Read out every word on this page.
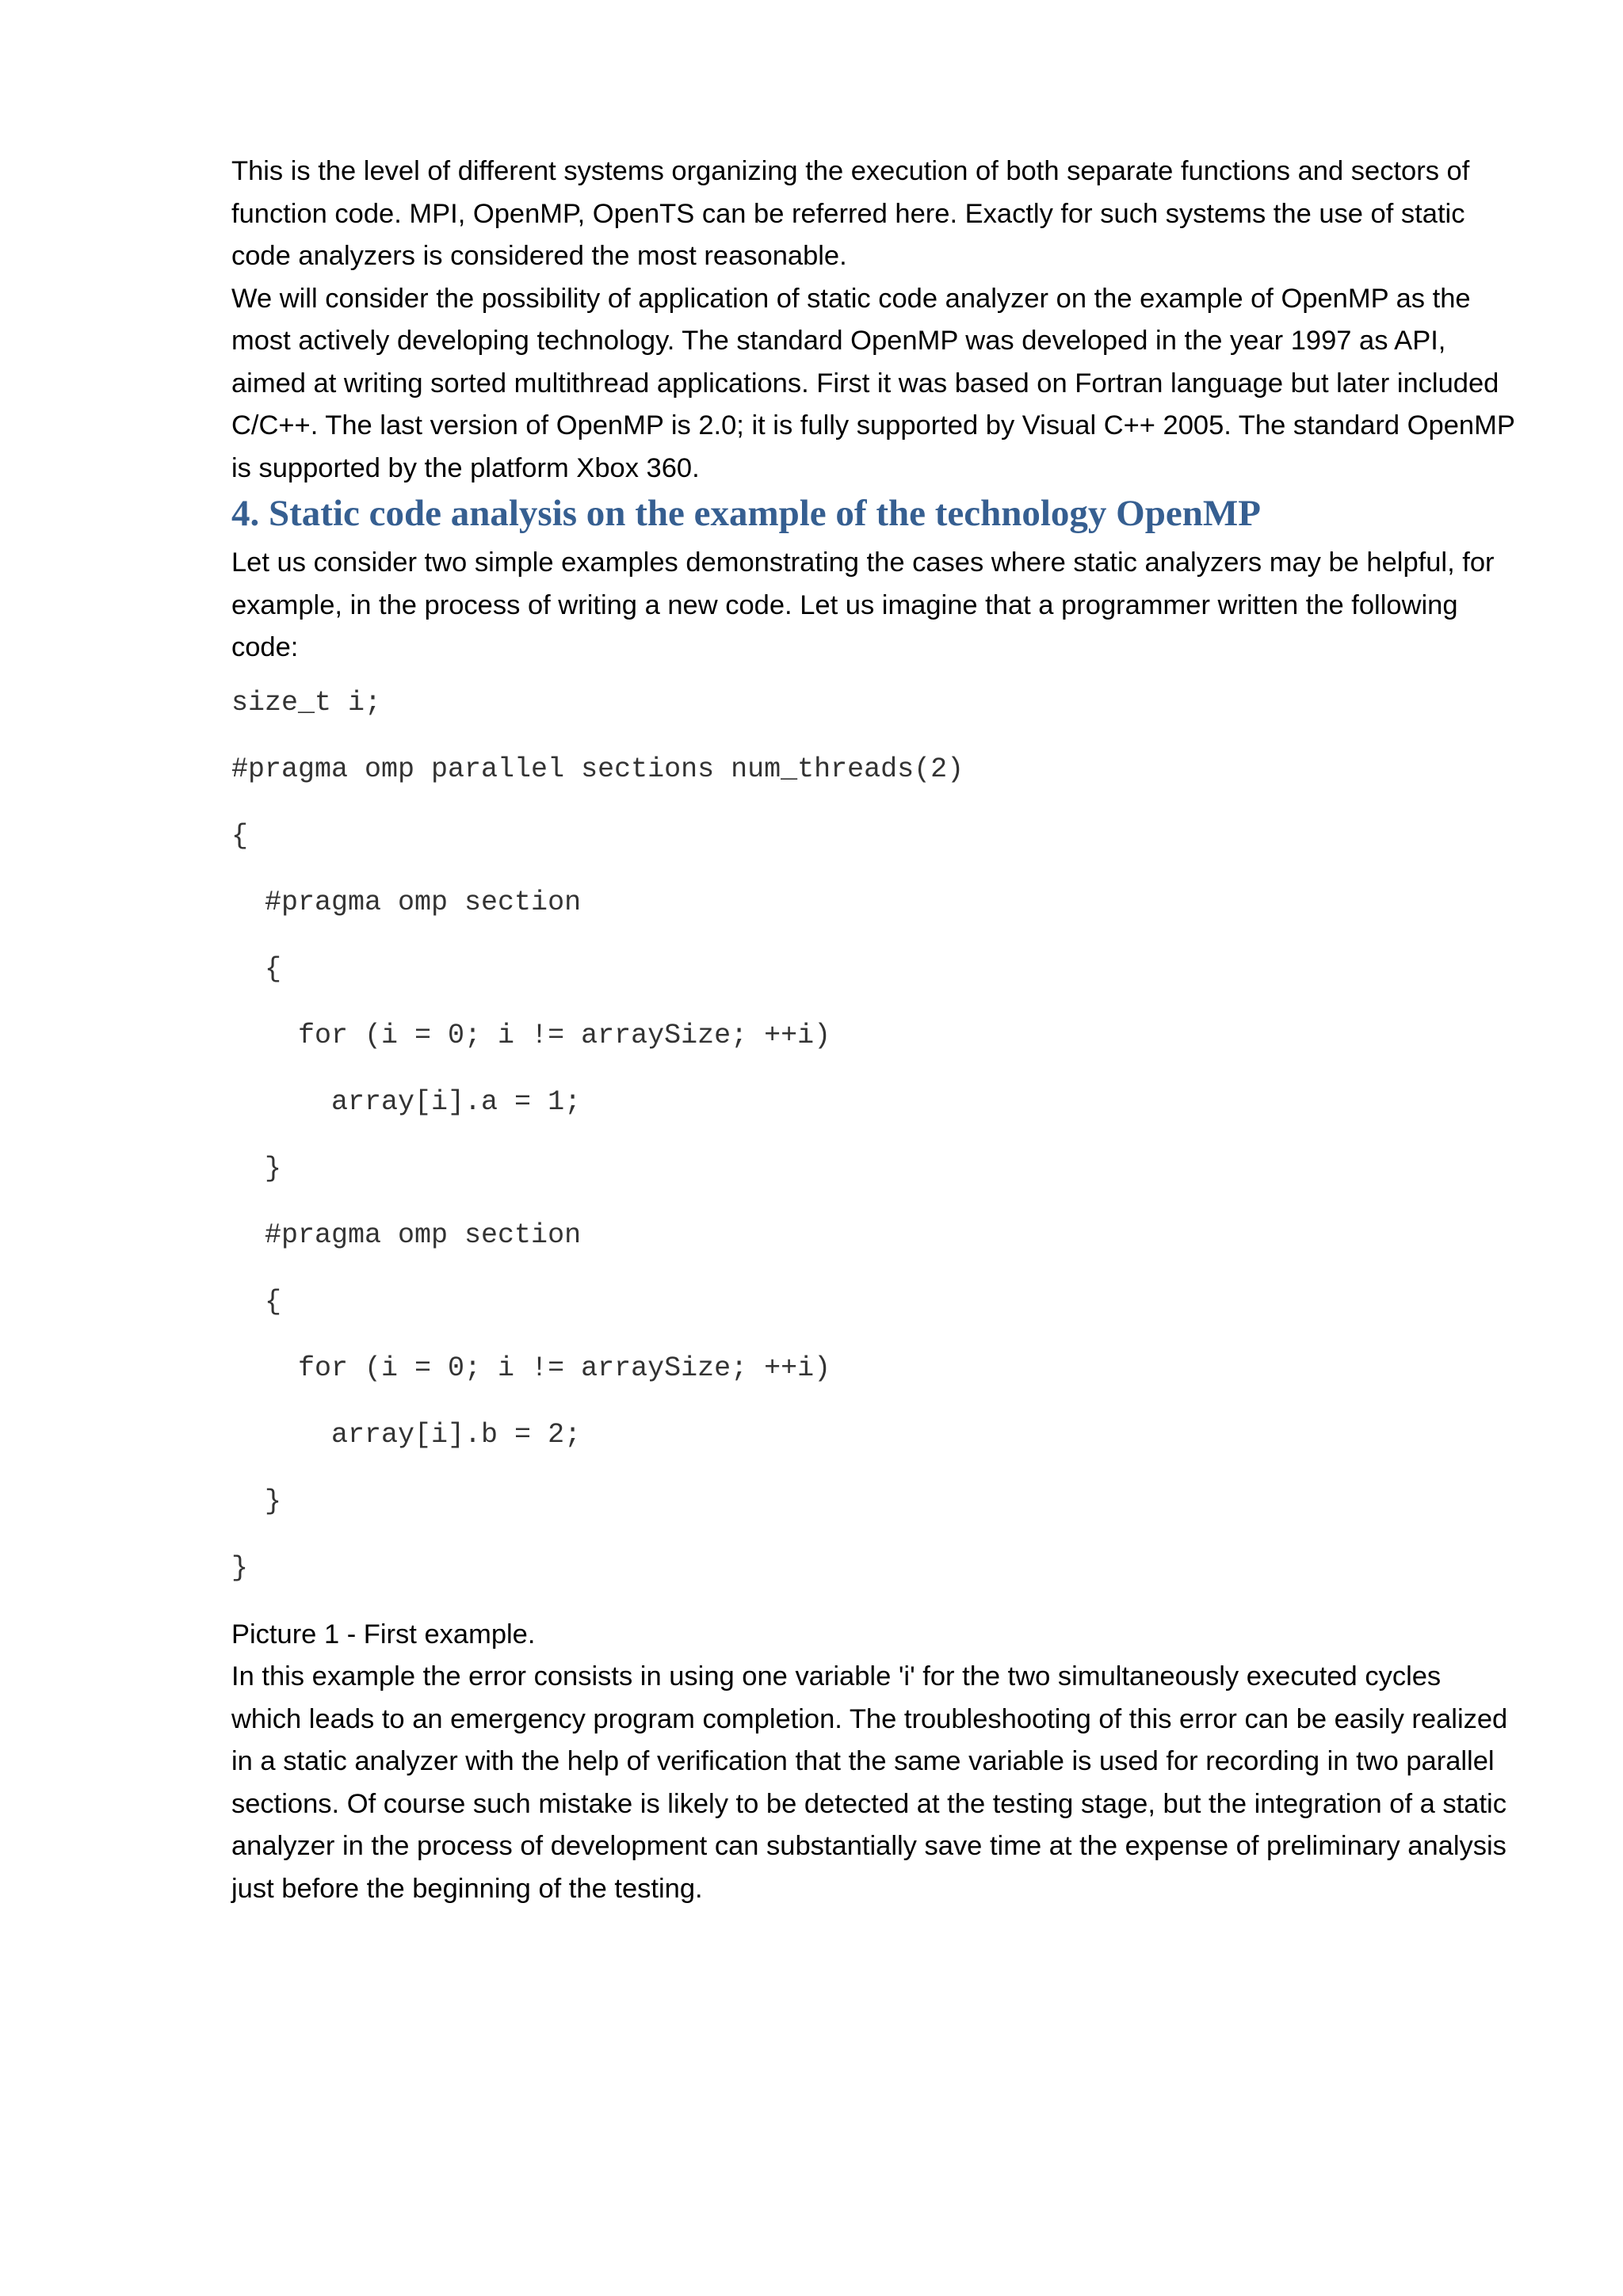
This is the level of different systems organizing the execution of both separate functions and sectors of function code. MPI, OpenMP, OpenTS can be referred here. Exactly for such systems the use of static code analyzers is considered the most reasonable.

We will consider the possibility of application of static code analyzer on the example of OpenMP as the most actively developing technology. The standard OpenMP was developed in the year 1997 as API, aimed at writing sorted multithread applications. First it was based on Fortran language but later included C/C++. The last version of OpenMP is 2.0; it is fully supported by Visual C++ 2005. The standard OpenMP is supported by the platform Xbox 360.

4. Static code analysis on the example of the technology OpenMP

Let us consider two simple examples demonstrating the cases where static analyzers may be helpful, for example, in the process of writing a new code. Let us imagine that a programmer written the following code:

size_t i;
#pragma omp parallel sections num_threads(2)
{
#pragma omp section
{
for (i = 0; i != arraySize; ++i)
array[i].a = 1;
}
#pragma omp section
{
for (i = 0; i != arraySize; ++i)
array[i].b = 2;
}
}

Picture 1 - First example.

In this example the error consists in using one variable 'i' for the two simultaneously executed cycles which leads to an emergency program completion. The troubleshooting of this error can be easily realized in a static analyzer with the help of verification that the same variable is used for recording in two parallel sections. Of course such mistake is likely to be detected at the testing stage, but the integration of a static analyzer in the process of development can substantially save time at the expense of preliminary analysis just before the beginning of the testing.
